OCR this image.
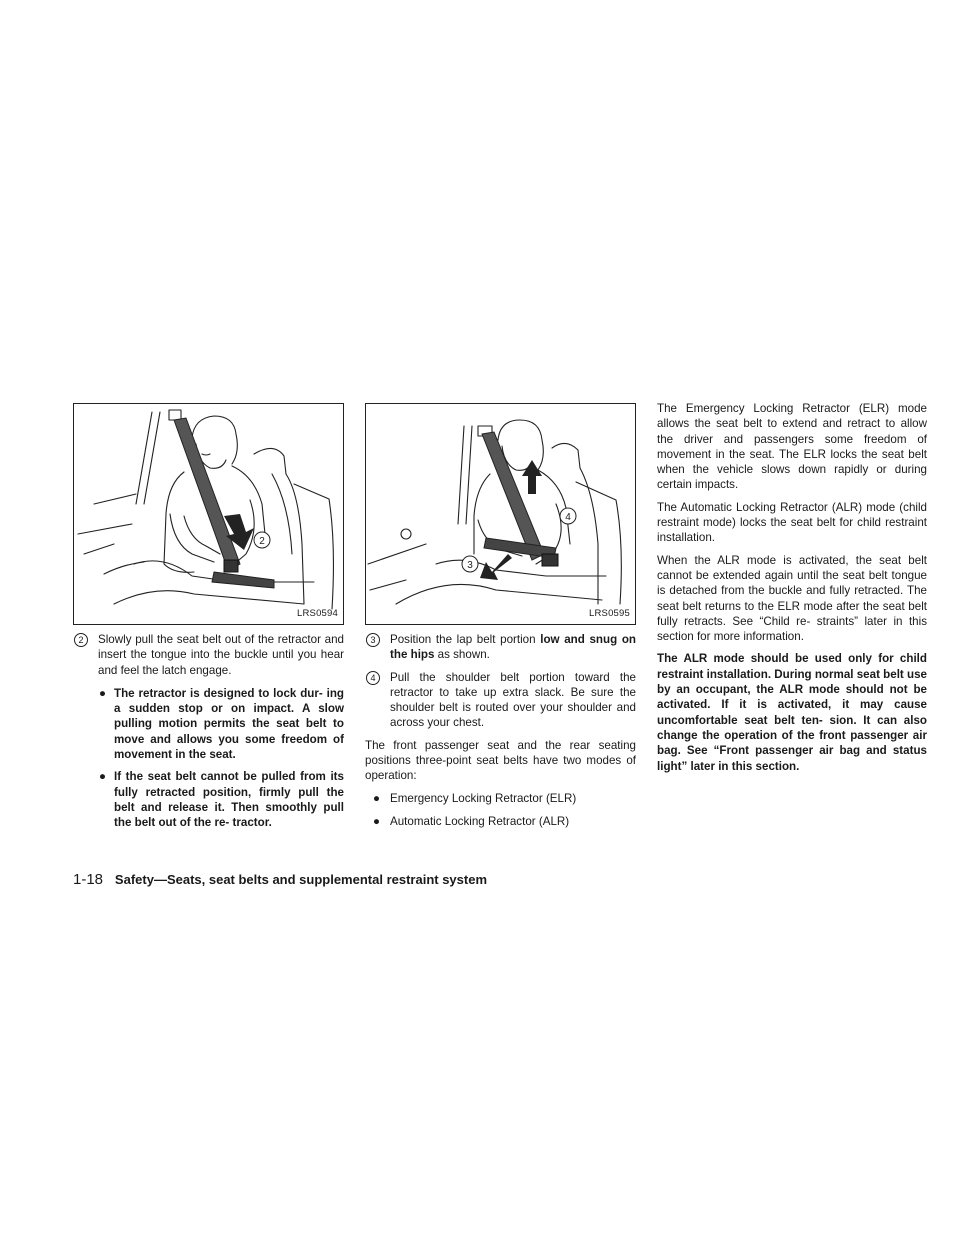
2
LRS0594
2	Slowly pull the seat belt out of the retractor and insert the tongue into the buckle until you hear and feel the latch engage.
● The retractor is designed to lock dur- ing a sudden stop or on impact. A slow pulling motion permits the seat belt to move and allows you some freedom of movement in the seat.
● If the seat belt cannot be pulled from its fully retracted position, firmly pull the belt and release it. Then smoothly pull the belt out of the re- tractor.
4
3
LRS0595
3	Position the lap belt portion low and snug on the hips as shown.
4	Pull the shoulder belt portion toward the retractor to take up extra slack. Be sure the shoulder belt is routed over your shoulder and across your chest.

The front passenger seat and the rear seating positions three-point seat belts have two modes of operation:

● Emergency Locking Retractor (ELR)
● Automatic Locking Retractor (ALR)

The Emergency Locking Retractor (ELR) mode allows the seat belt to extend and retract to allow the driver and passengers some freedom of movement in the seat. The ELR locks the seat belt when the vehicle slows down rapidly or during certain impacts.

The Automatic Locking Retractor (ALR) mode (child restraint mode) locks the seat belt for child restraint installation.

When the ALR mode is activated, the seat belt cannot be extended again until the seat belt tongue is detached from the buckle and fully retracted. The seat belt returns to the ELR mode after the seat belt fully retracts. See “Child re- straints” later in this section for more information.

The ALR mode should be used only for child restraint installation. During normal seat belt use by an occupant, the ALR mode should not be activated. If it is activated, it may cause uncomfortable seat belt ten- sion. It can also change the operation of the front passenger air bag. See “Front passenger air bag and status light” later in this section.

1-18 Safety—Seats, seat belts and supplemental restraint system
